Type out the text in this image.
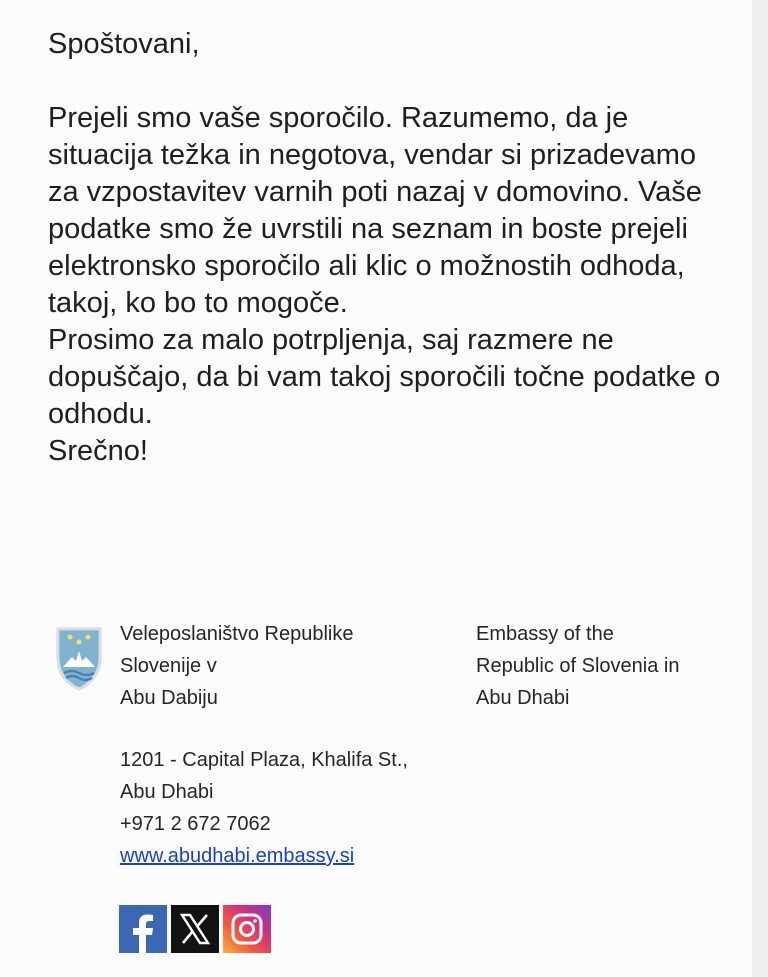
Spoštovani,

Prejeli smo vaše sporočilo. Razumemo, da je situacija težka in negotova, vendar si prizadevamo za vzpostavitev varnih poti nazaj v domovino. Vaše podatke smo že uvrstili na seznam in boste prejeli elektronsko sporočilo ali klic o možnostih odhoda, takoj, ko bo to mogoče.

Prosimo za malo potrpljenja, saj razmere ne dopuščajo, da bi vam takoj sporočili točne podatke o odhodu.

Srečno!

Veleposlaništvo Republike
Slovenije v
Abu Dabiju
Embassy of the
Republic of Slovenia in
Abu Dhabi
1201 - Capital Plaza, Khalifa St.,
Abu Dhabi
+971 2 672 7062
www.abudhabi.embassy.si
